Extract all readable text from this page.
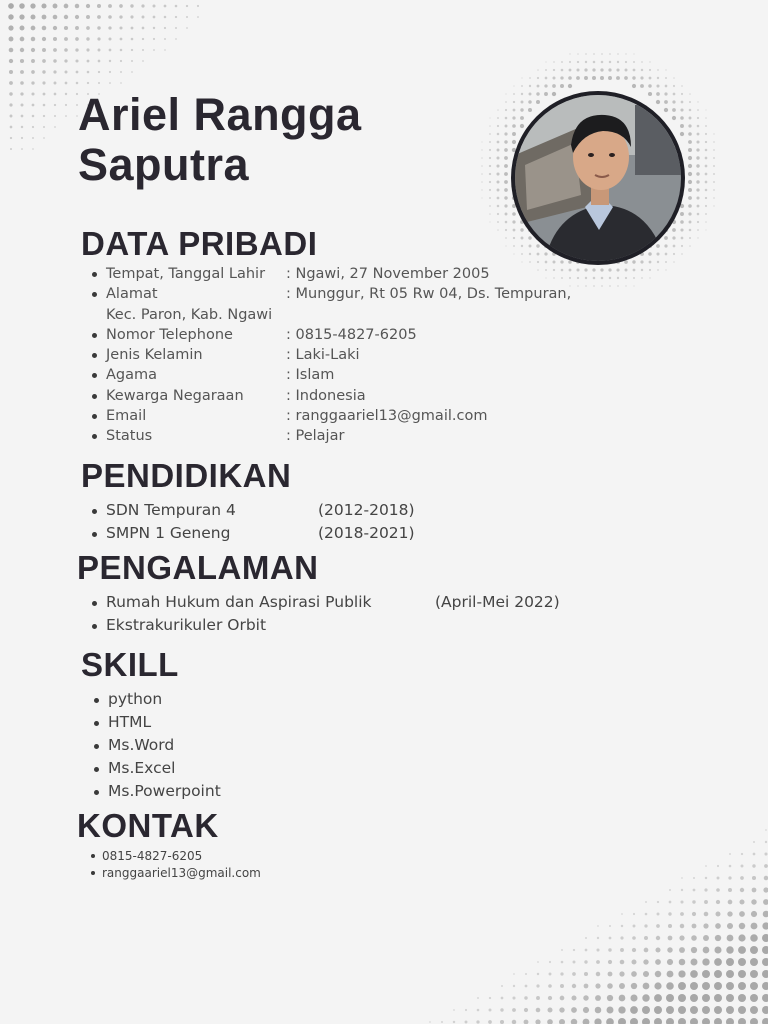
Ariel Rangga
Saputra
DATA PRIBADI
Tempat, Tanggal Lahir : Ngawi, 27 November 2005
Alamat	: Munggur, Rt 05 Rw 04, Ds. Tempuran,
Kec. Paron, Kab. Ngawi
Nomor Telephone	: 0815-4827-6205
Jenis Kelamin	: Laki-Laki
Agama	: Islam
Kewarga Negaraan	: Indonesia
Email	: ranggaariel13@gmail.com
Status	: Pelajar
PENDIDIKAN
SDN Tempuran 4	(2012-2018)
SMPN 1 Geneng	(2018-2021)
PENGALAMAN
Rumah Hukum dan Aspirasi Publik	(April-Mei 2022)
Ekstrakurikuler Orbit
SKILL
python
HTML
Ms.Word
Ms.Excel
Ms.Powerpoint
KONTAK
0815-4827-6205
ranggaariel13@gmail.com
